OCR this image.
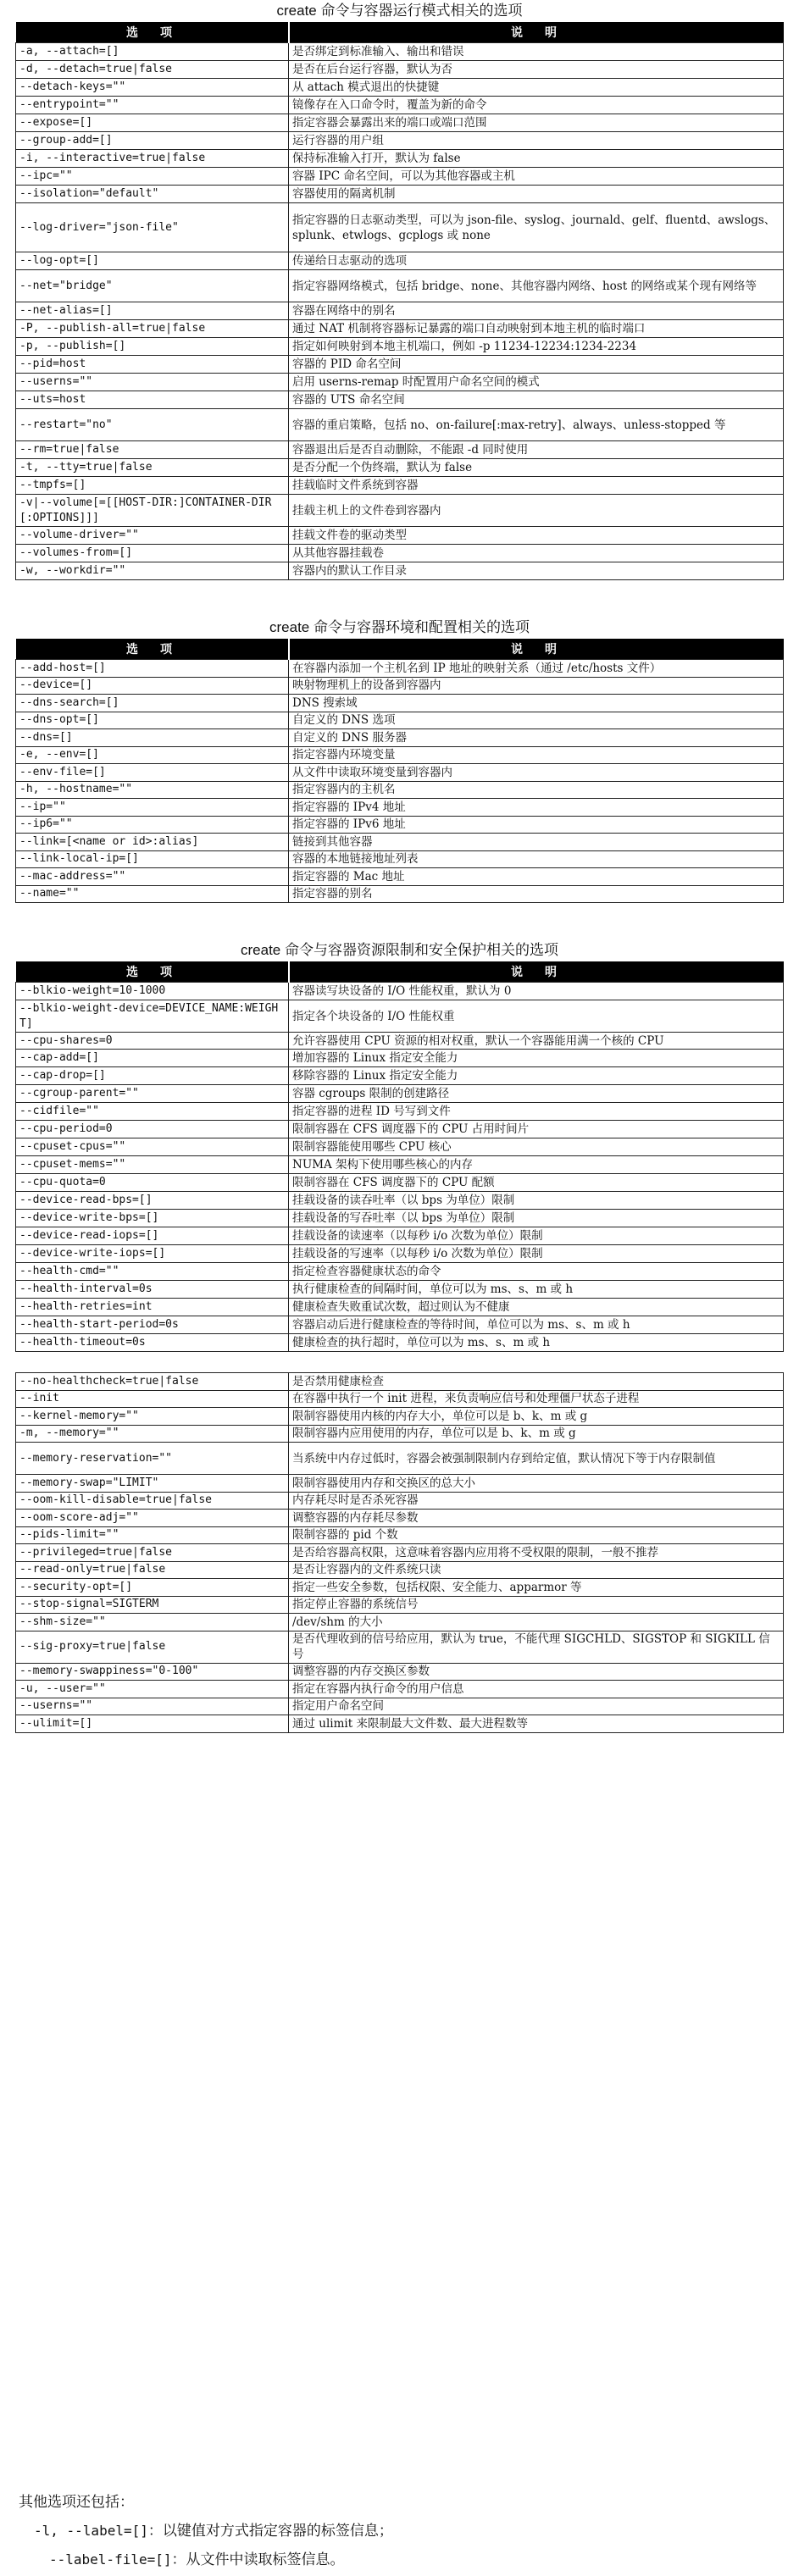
create 命令与容器运行模式相关的选项
选　项	说　明
-a, --attach=[]	是否绑定到标准输入、输出和错误
-d, --detach=true|false	是否在后台运行容器，默认为否
--detach-keys=""	从 attach 模式退出的快捷键
--entrypoint=""	镜像存在入口命令时，覆盖为新的命令
--expose=[]	指定容器会暴露出来的端口或端口范围
--group-add=[]	运行容器的用户组
-i, --interactive=true|false	保持标准输入打开，默认为 false
--ipc=""	容器 IPC 命名空间，可以为其他容器或主机
--isolation="default"	容器使用的隔离机制
--log-driver="json-file"	指定容器的日志驱动类型，可以为 json-file、syslog、journald、gelf、fluentd、awslogs、splunk、etwlogs、gcplogs 或 none
--log-opt=[]	传递给日志驱动的选项
--net="bridge"	指定容器网络模式，包括 bridge、none、其他容器内网络、host 的网络或某个现有网络等
--net-alias=[]	容器在网络中的别名
-P, --publish-all=true|false	通过 NAT 机制将容器标记暴露的端口自动映射到本地主机的临时端口
-p, --publish=[]	指定如何映射到本地主机端口，例如 -p 11234-12234:1234-2234
--pid=host	容器的 PID 命名空间
--userns=""	启用 userns-remap 时配置用户命名空间的模式
--uts=host	容器的 UTS 命名空间
--restart="no"	容器的重启策略，包括 no、on-failure[:max-retry]、always、unless-stopped 等
--rm=true|false	容器退出后是否自动删除，不能跟 -d 同时使用
-t, --tty=true|false	是否分配一个伪终端，默认为 false
--tmpfs=[]	挂载临时文件系统到容器
-v|--volume[=[[HOST-DIR:]CONTAINER-DIR[:OPTIONS]]]	挂载主机上的文件卷到容器内
--volume-driver=""	挂载文件卷的驱动类型
--volumes-from=[]	从其他容器挂载卷
-w, --workdir=""	容器内的默认工作目录
create 命令与容器环境和配置相关的选项
选　项	说　明
--add-host=[]	在容器内添加一个主机名到 IP 地址的映射关系（通过 /etc/hosts 文件）
--device=[]	映射物理机上的设备到容器内
--dns-search=[]	DNS 搜索域
--dns-opt=[]	自定义的 DNS 选项
--dns=[]	自定义的 DNS 服务器
-e, --env=[]	指定容器内环境变量
--env-file=[]	从文件中读取环境变量到容器内
-h, --hostname=""	指定容器内的主机名
--ip=""	指定容器的 IPv4 地址
--ip6=""	指定容器的 IPv6 地址
--link=[<name or id>:alias]	链接到其他容器
--link-local-ip=[]	容器的本地链接地址列表
--mac-address=""	指定容器的 Mac 地址
--name=""	指定容器的别名
create 命令与容器资源限制和安全保护相关的选项
选　项	说　明
--blkio-weight=10-1000	容器读写块设备的 I/O 性能权重，默认为 0
--blkio-weight-device=DEVICE_NAME:WEIGHT]	指定各个块设备的 I/O 性能权重
--cpu-shares=0	允许容器使用 CPU 资源的相对权重，默认一个容器能用满一个核的 CPU
--cap-add=[]	增加容器的 Linux 指定安全能力
--cap-drop=[]	移除容器的 Linux 指定安全能力
--cgroup-parent=""	容器 cgroups 限制的创建路径
--cidfile=""	指定容器的进程 ID 号写到文件
--cpu-period=0	限制容器在 CFS 调度器下的 CPU 占用时间片
--cpuset-cpus=""	限制容器能使用哪些 CPU 核心
--cpuset-mems=""	NUMA 架构下使用哪些核心的内存
--cpu-quota=0	限制容器在 CFS 调度器下的 CPU 配额
--device-read-bps=[]	挂载设备的读吞吐率（以 bps 为单位）限制
--device-write-bps=[]	挂载设备的写吞吐率（以 bps 为单位）限制
--device-read-iops=[]	挂载设备的读速率（以每秒 i/o 次数为单位）限制
--device-write-iops=[]	挂载设备的写速率（以每秒 i/o 次数为单位）限制
--health-cmd=""	指定检查容器健康状态的命令
--health-interval=0s	执行健康检查的间隔时间，单位可以为 ms、s、m 或 h
--health-retries=int	健康检查失败重试次数，超过则认为不健康
--health-start-period=0s	容器启动后进行健康检查的等待时间，单位可以为 ms、s、m 或 h
--health-timeout=0s	健康检查的执行超时，单位可以为 ms、s、m 或 h
--no-healthcheck=true|false	是否禁用健康检查
--init	在容器中执行一个 init 进程，来负责响应信号和处理僵尸状态子进程
--kernel-memory=""	限制容器使用内核的内存大小，单位可以是 b、k、m 或 g
-m, --memory=""	限制容器内应用使用的内存，单位可以是 b、k、m 或 g
--memory-reservation=""	当系统中内存过低时，容器会被强制限制内存到给定值，默认情况下等于内存限制值
--memory-swap="LIMIT"	限制容器使用内存和交换区的总大小
--oom-kill-disable=true|false	内存耗尽时是否杀死容器
--oom-score-adj=""	调整容器的内存耗尽参数
--pids-limit=""	限制容器的 pid 个数
--privileged=true|false	是否给容器高权限，这意味着容器内应用将不受权限的限制，一般不推荐
--read-only=true|false	是否让容器内的文件系统只读
--security-opt=[]	指定一些安全参数，包括权限、安全能力、apparmor 等
--stop-signal=SIGTERM	指定停止容器的系统信号
--shm-size=""	/dev/shm 的大小
--sig-proxy=true|false	是否代理收到的信号给应用，默认为 true，不能代理 SIGCHLD、SIGSTOP 和 SIGKILL 信号
--memory-swappiness="0-100"	调整容器的内存交换区参数
-u, --user=""	指定在容器内执行命令的用户信息
--userns=""	指定用户命名空间
--ulimit=[]	通过 ulimit 来限制最大文件数、最大进程数等
其他选项还包括：
-l, --label=[]：以键值对方式指定容器的标签信息；
--label-file=[]：从文件中读取标签信息。
